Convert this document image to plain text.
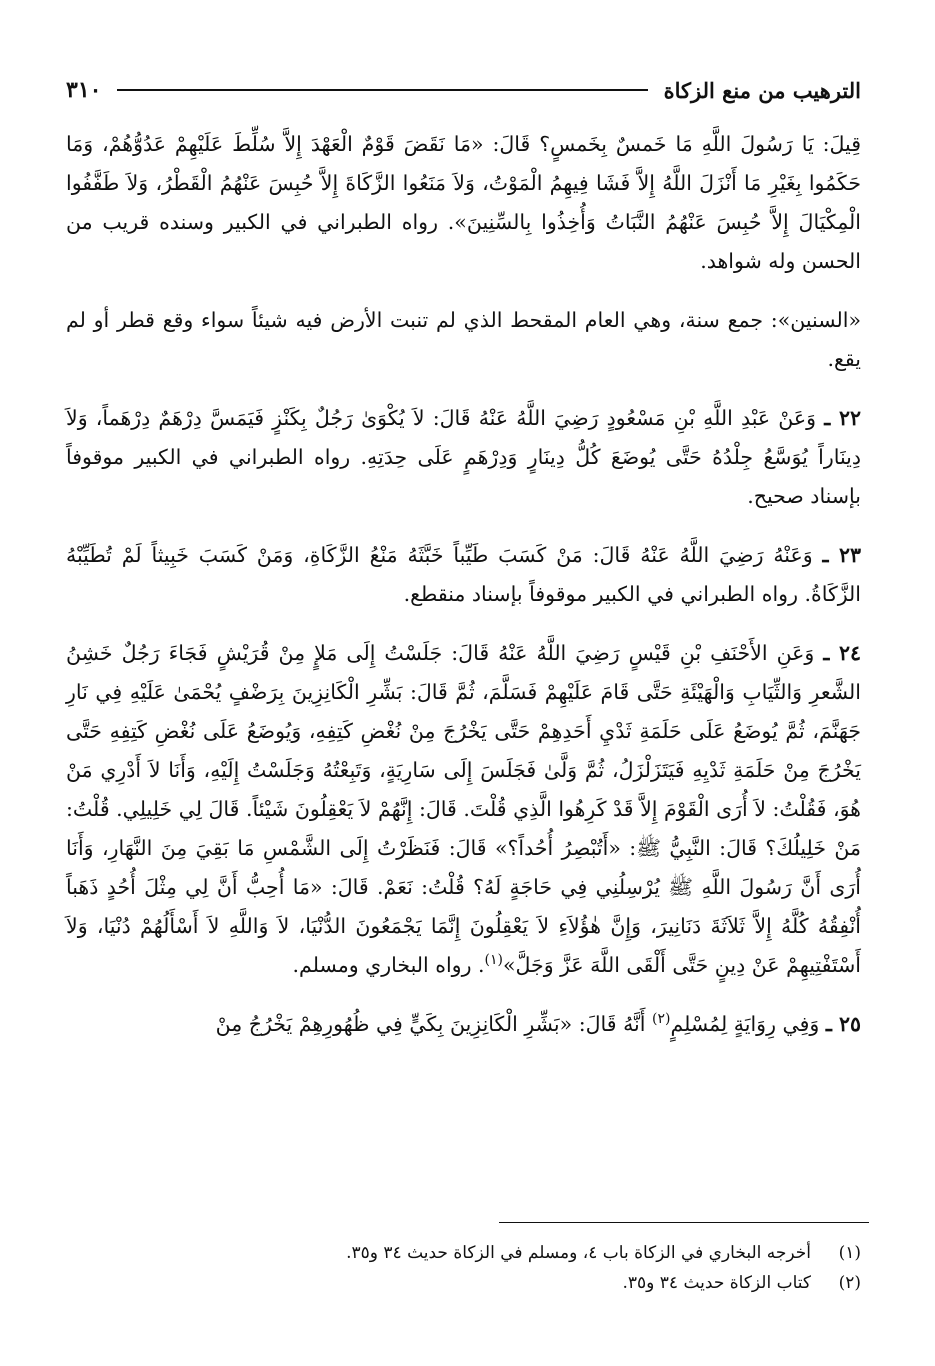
الترهيب من منع الزكاة
٣١٠

قِيلَ: يَا رَسُولَ اللَّهِ مَا خَمسٌ بِخَمسٍ؟ قَالَ: «مَا نَقَضَ قَوْمٌ الْعَهْدَ إِلاَّ سُلِّطَ عَلَيْهِمْ عَدُوُّهُمْ، وَمَا حَكَمُوا بِغَيْرِ مَا أَنْزَلَ اللَّهُ إِلاَّ فَشَا فِيهِمُ الْمَوْتُ، وَلاَ مَنَعُوا الزَّكَاةَ إِلاَّ حُبِسَ عَنْهُمُ الْقَطْرُ، وَلاَ طَفَّفُوا الْمِكْيَالَ إِلاَّ حُبِسَ عَنْهُمُ النَّبَاتُ وَأُخِذُوا بِالسِّنِينَ». رواه الطبراني في الكبير وسنده قريب من الحسن وله شواهد.

«السنين»: جمع سنة، وهي العام المقحط الذي لم تنبت الأرض فيه شيئاً سواء وقع قطر أو لم يقع.

٢٢ ـ وَعَنْ عَبْدِ اللَّهِ بْنِ مَسْعُودٍ رَضِيَ اللَّهُ عَنْهُ قَالَ: لاَ يُكْوَىٰ رَجُلٌ بِكَنْزٍ فَيَمَسَّ دِرْهَمٌ دِرْهَماً، وَلاَ دِينَاراً يُوَسَّعُ جِلْدُهُ حَتَّى يُوضَعَ كُلُّ دِينَارٍ وَدِرْهَمٍ عَلَى حِدَتِهِ. رواه الطبراني في الكبير موقوفاً بإسناد صحيح.

٢٣ ـ وَعَنْهُ رَضِيَ اللَّهُ عَنْهُ قَالَ: مَنْ كَسَبَ طَيِّباً خَبَّثَهُ مَنْعُ الزَّكَاةِ، وَمَنْ كَسَبَ خَبِيثاً لَمْ تُطَيِّبْهُ الزَّكَاةُ. رواه الطبراني في الكبير موقوفاً بإسناد منقطع.

٢٤ ـ وَعَنِ الأَحْنَفِ بْنِ قَيْسٍ رَضِيَ اللَّهُ عَنْهُ قَالَ: جَلَسْتُ إِلَى مَلإٍ مِنْ قُرَيْشٍ فَجَاءَ رَجُلٌ خَشِنُ الشَّعرِ وَالثِّيَابِ وَالْهَيْئَةِ حَتَّى قَامَ عَلَيْهِمْ فَسَلَّمَ، ثُمَّ قَالَ: بَشِّرِ الْكَانِزِينَ بِرَضْفٍ يُحْمَىٰ عَلَيْهِ فِي نَارِ جَهَنَّمَ، ثُمَّ يُوضَعُ عَلَى حَلَمَةِ ثَدْيِ أَحَدِهِمْ حَتَّى يَخْرُجَ مِنْ نُغْضِ كَتِفِهِ، وَيُوضَعُ عَلَى نُغْضِ كَتِفِهِ حَتَّى يَخْرُجَ مِنْ حَلَمَةِ ثَدْيِهِ فَيَتَزَلْزَلُ، ثُمَّ وَلَّىٰ فَجَلَسَ إِلَى سَارِيَةٍ، وَتَبِعْتُهُ وَجَلَسْتُ إِلَيْهِ، وَأَنَا لاَ أَدْرِي مَنْ هُوَ، فَقُلْتُ: لاَ أُرَى الْقَوْمَ إِلاَّ قَدْ كَرِهُوا الَّذِي قُلْتَ. قَالَ: إِنَّهُمْ لاَ يَعْقِلُونَ شَيْئاً. قَالَ لِي خَلِيلِي. قُلْتُ: مَنْ خَلِيلُكَ؟ قَالَ: النَّبِيُّ ﷺ: «أَتُبْصِرُ أُحُداً؟» قَالَ: فَنَظَرْتُ إِلَى الشَّمْسِ مَا بَقِيَ مِنَ النَّهَارِ، وَأَنَا أُرَى أَنَّ رَسُولَ اللَّهِ ﷺ يُرْسِلُنِي فِي حَاجَةٍ لَهُ؟ قُلْتُ: نَعَمْ. قَالَ: «مَا أُحِبُّ أَنَّ لِي مِثْلَ أُحُدٍ ذَهَباً أُنْفِقُهُ كُلَّهُ إِلاَّ ثَلاَثَةَ دَنَانِيرَ، وَإِنَّ هٰؤُلاَءِ لاَ يَعْقِلُونَ إِنَّمَا يَجْمَعُونَ الدُّنْيَا، لاَ وَاللَّهِ لاَ أَسْأَلُهُمْ دُنْيَا، وَلاَ أَسْتَفْتِيهِمْ عَنْ دِينٍ حَتَّى أَلْقَى اللَّهَ عَزَّ وَجَلَّ»$^{(١)}$. رواه البخاري ومسلم.

٢٥ ـ وَفِي رِوَايَةٍ لِمُسْلِمٍ$^{(٢)}$ أَنَّهُ قَالَ: «بَشِّرِ الْكَانِزِينَ بِكَيٍّ فِي ظُهُورِهِمْ يَخْرُجُ مِنْ

(١)
أخرجه البخاري في الزكاة باب ٤، ومسلم في الزكاة حديث ٣٤ و٣٥.
(٢)
كتاب الزكاة حديث ٣٤ و٣٥.
